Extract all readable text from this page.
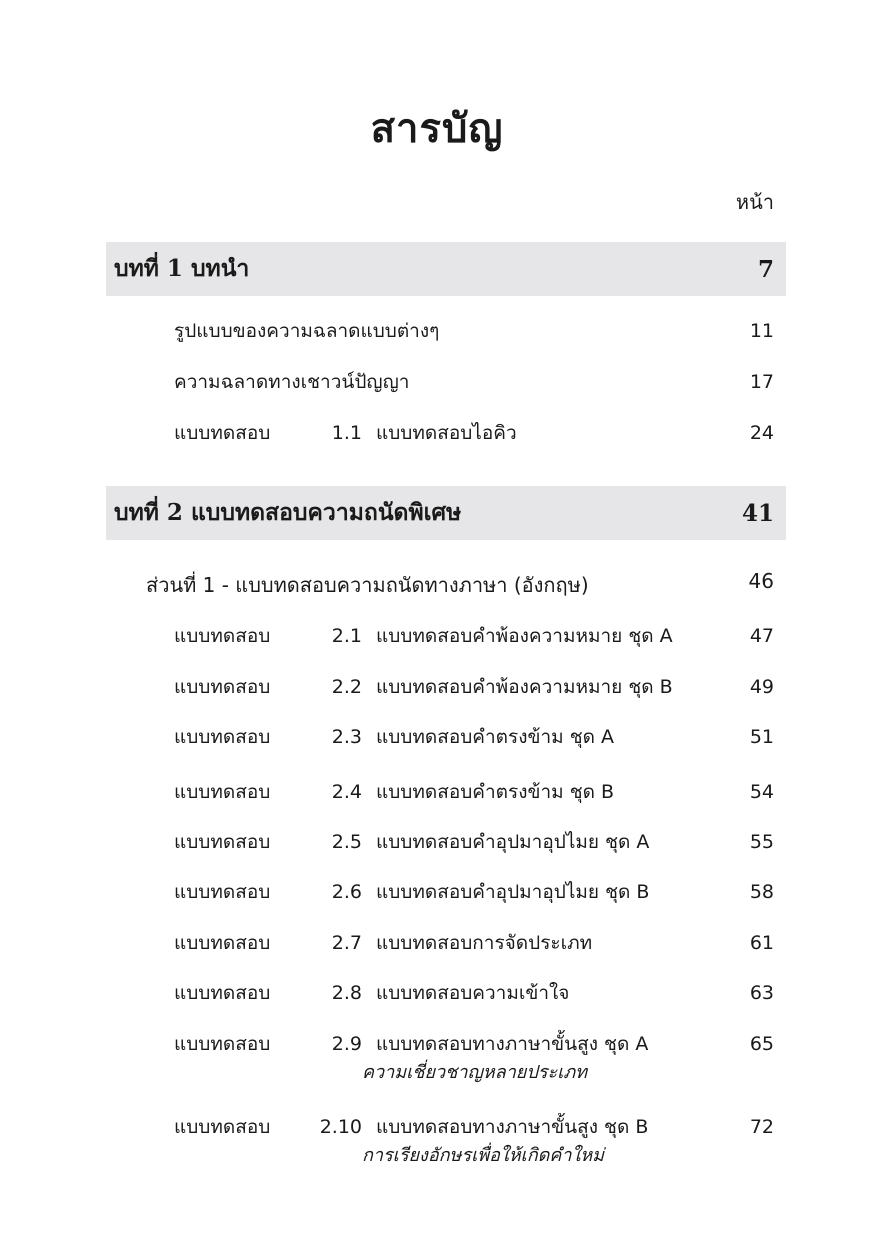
สารบัญ
หน้า
บทที่ 1 บทนำ	7
รูปแบบของความฉลาดแบบต่างๆ	11
ความฉลาดทางเชาวน์ปัญญา	17
แบบทดสอบ	1.1 แบบทดสอบไอคิว	24
บทที่ 2 แบบทดสอบความถนัดพิเศษ	41
ส่วนที่ 1 - แบบทดสอบความถนัดทางภาษา (อังกฤษ)	46
แบบทดสอบ	2.1 แบบทดสอบคำพ้องความหมาย ชุด A	47
แบบทดสอบ	2.2 แบบทดสอบคำพ้องความหมาย ชุด B	49
แบบทดสอบ	2.3 แบบทดสอบคำตรงข้าม ชุด A	51
แบบทดสอบ	2.4 แบบทดสอบคำตรงข้าม ชุด B	54
แบบทดสอบ	2.5 แบบทดสอบคำอุปมาอุปไมย ชุด A	55
แบบทดสอบ	2.6 แบบทดสอบคำอุปมาอุปไมย ชุด B	58
แบบทดสอบ	2.7 แบบทดสอบการจัดประเภท	61
แบบทดสอบ	2.8 แบบทดสอบความเข้าใจ	63
แบบทดสอบ	2.9 แบบทดสอบทางภาษาขั้นสูง ชุด A	65
ความเชี่ยวชาญหลายประเภท
แบบทดสอบ	2.10 แบบทดสอบทางภาษาขั้นสูง ชุด B	72
การเรียงอักษรเพื่อให้เกิดคำใหม่
